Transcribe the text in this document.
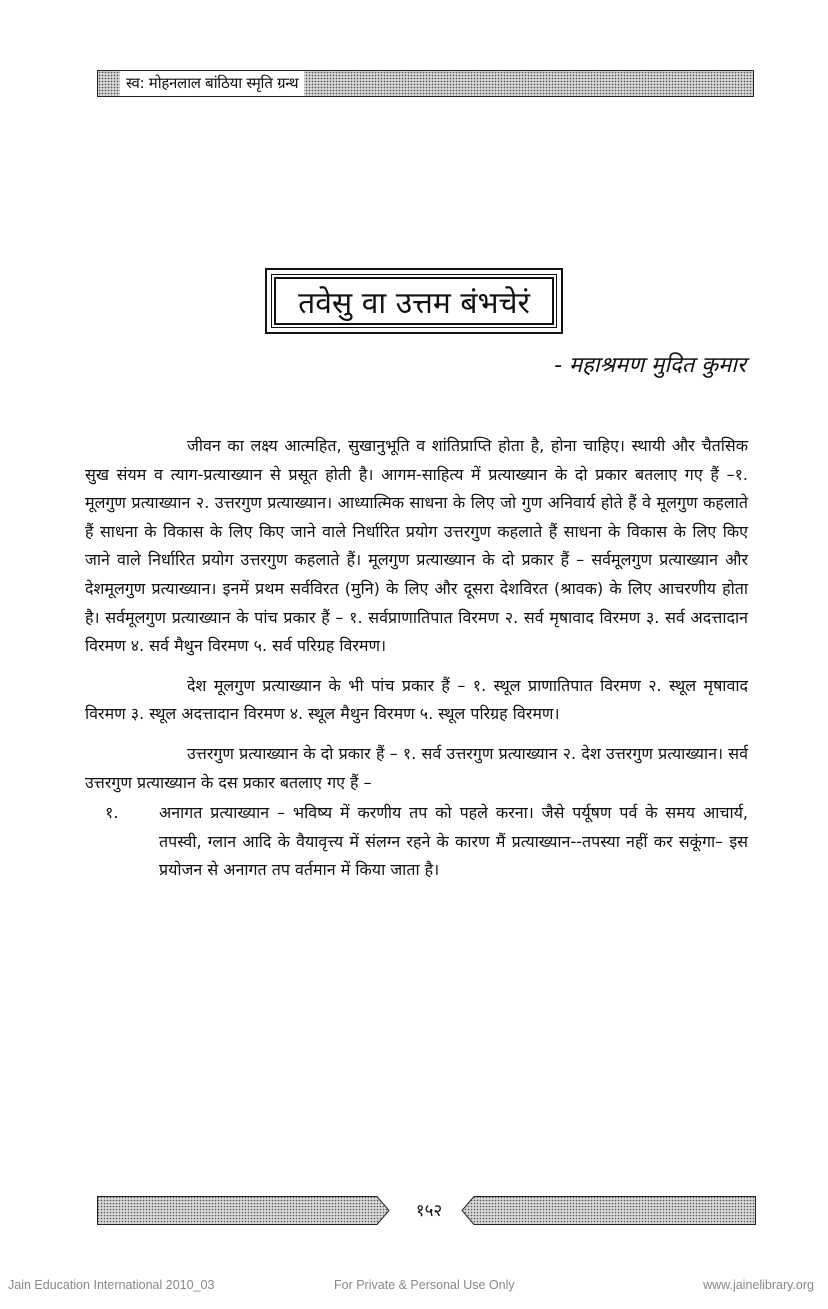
स्व: मोहनलाल बांठिया स्मृति ग्रन्थ
तवेसु वा उत्तम बंभचेरं
- महाश्रमण मुदित कुमार

जीवन का लक्ष्य आत्महित, सुखानुभूति व शांतिप्राप्ति होता है, होना चाहिए। स्थायी और चैतसिक सुख संयम व त्याग-प्रत्याख्यान से प्रसूत होती है। आगम-साहित्य में प्रत्याख्यान के दो प्रकार बतलाए गए हैं –१. मूलगुण प्रत्याख्यान २. उत्तरगुण प्रत्याख्यान। आध्यात्मिक साधना के लिए जो गुण अनिवार्य होते हैं वे मूलगुण कहलाते हैं साधना के विकास के लिए किए जाने वाले निर्धारित प्रयोग उत्तरगुण कहलाते हैं साधना के विकास के लिए किए जाने वाले निर्धारित प्रयोग उत्तरगुण कहलाते हैं। मूलगुण प्रत्याख्यान के दो प्रकार हैं – सर्वमूलगुण प्रत्याख्यान और देशमूलगुण प्रत्याख्यान। इनमें प्रथम सर्वविरत (मुनि) के लिए और दूसरा देशविरत (श्रावक) के लिए आचरणीय होता है। सर्वमूलगुण प्रत्याख्यान के पांच प्रकार हैं – १. सर्वप्राणातिपात विरमण २. सर्व मृषावाद विरमण ३. सर्व अदत्तादान विरमण ४. सर्व मैथुन विरमण ५. सर्व परिग्रह विरमण।

देश मूलगुण प्रत्याख्यान के भी पांच प्रकार हैं – १. स्थूल प्राणातिपात विरमण २. स्थूल मृषावाद विरमण ३. स्थूल अदत्तादान विरमण ४. स्थूल मैथुन विरमण ५. स्थूल परिग्रह विरमण।

उत्तरगुण प्रत्याख्यान के दो प्रकार हैं – १. सर्व उत्तरगुण प्रत्याख्यान २. देश उत्तरगुण प्रत्याख्यान। सर्व उत्तरगुण प्रत्याख्यान के दस प्रकार बतलाए गए हैं –

१.	अनागत प्रत्याख्यान – भविष्य में करणीय तप को पहले करना। जैसे पर्यूषण पर्व के समय आचार्य, तपस्वी, ग्लान आदि के वैयावृत्त्य में संलग्न रहने के कारण मैं प्रत्याख्यान--तपस्या नहीं कर सकूंगा– इस प्रयोजन से अनागत तप वर्तमान में किया जाता है।
१५२
Jain Education International 2010_03	For Private & Personal Use Only	www.jainelibrary.org
